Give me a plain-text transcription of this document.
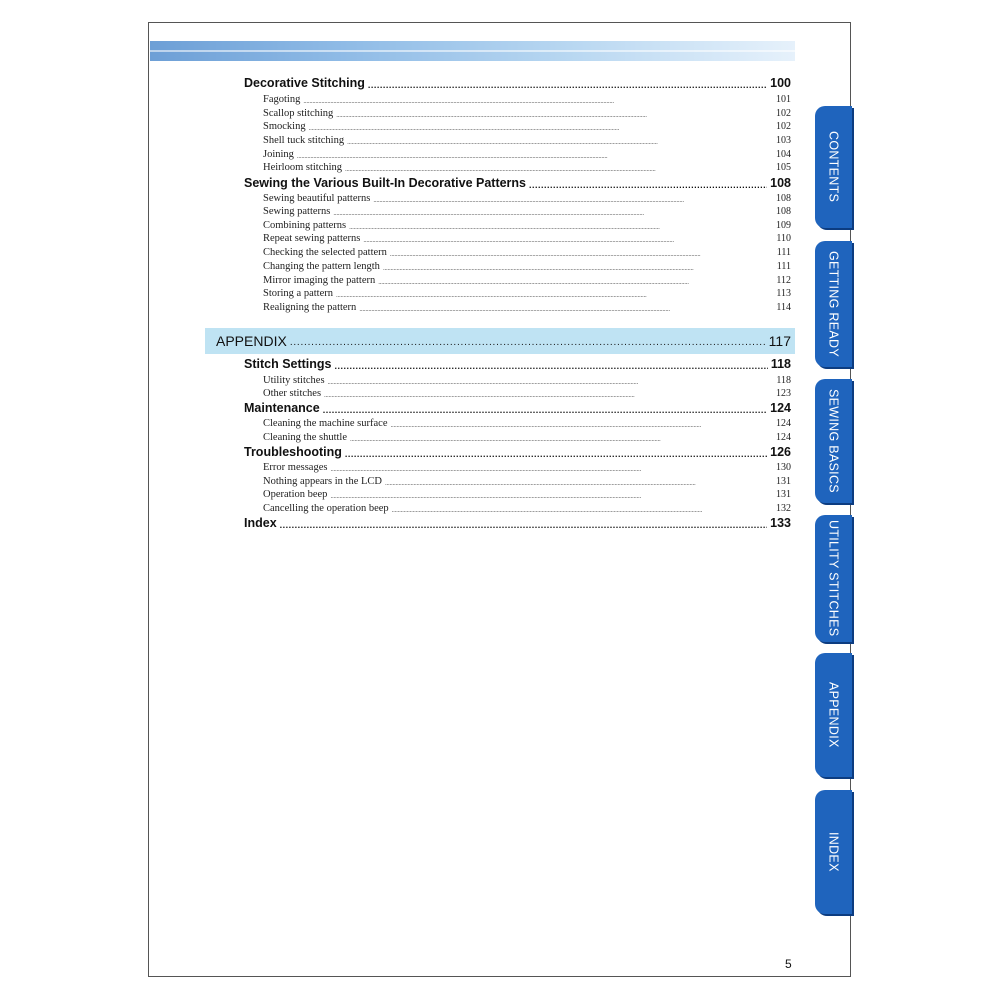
Decorative Stitching . . .	100
Fagoting . . .	101
Scallop stitching . . .	102
Smocking . . .	102
Shell tuck stitching . . .	103
Joining . . .	104
Heirloom stitching . . .	105
Sewing the Various Built-In Decorative Patterns . . .	108
Sewing beautiful patterns . . .	108
Sewing patterns . . .	108
Combining patterns . . .	109
Repeat sewing patterns . . .	110
Checking the selected pattern . . .	111
Changing the pattern length . . .	111
Mirror imaging the pattern . . .	112
Storing a pattern . . .	113
Realigning the pattern . . .	114
APPENDIX . . .	117
Stitch Settings . . .	118
Utility stitches . . .	118
Other stitches . . .	123
Maintenance . . .	124
Cleaning the machine surface . . .	124
Cleaning the shuttle . . .	124
Troubleshooting . . .	126
Error messages . . .	130
Nothing appears in the LCD . . .	131
Operation beep . . .	131
Cancelling the operation beep . . .	132
Index . . .	133
CONTENTS
GETTING READY
SEWING BASICS
UTILITY STITCHES
APPENDIX
INDEX
5
